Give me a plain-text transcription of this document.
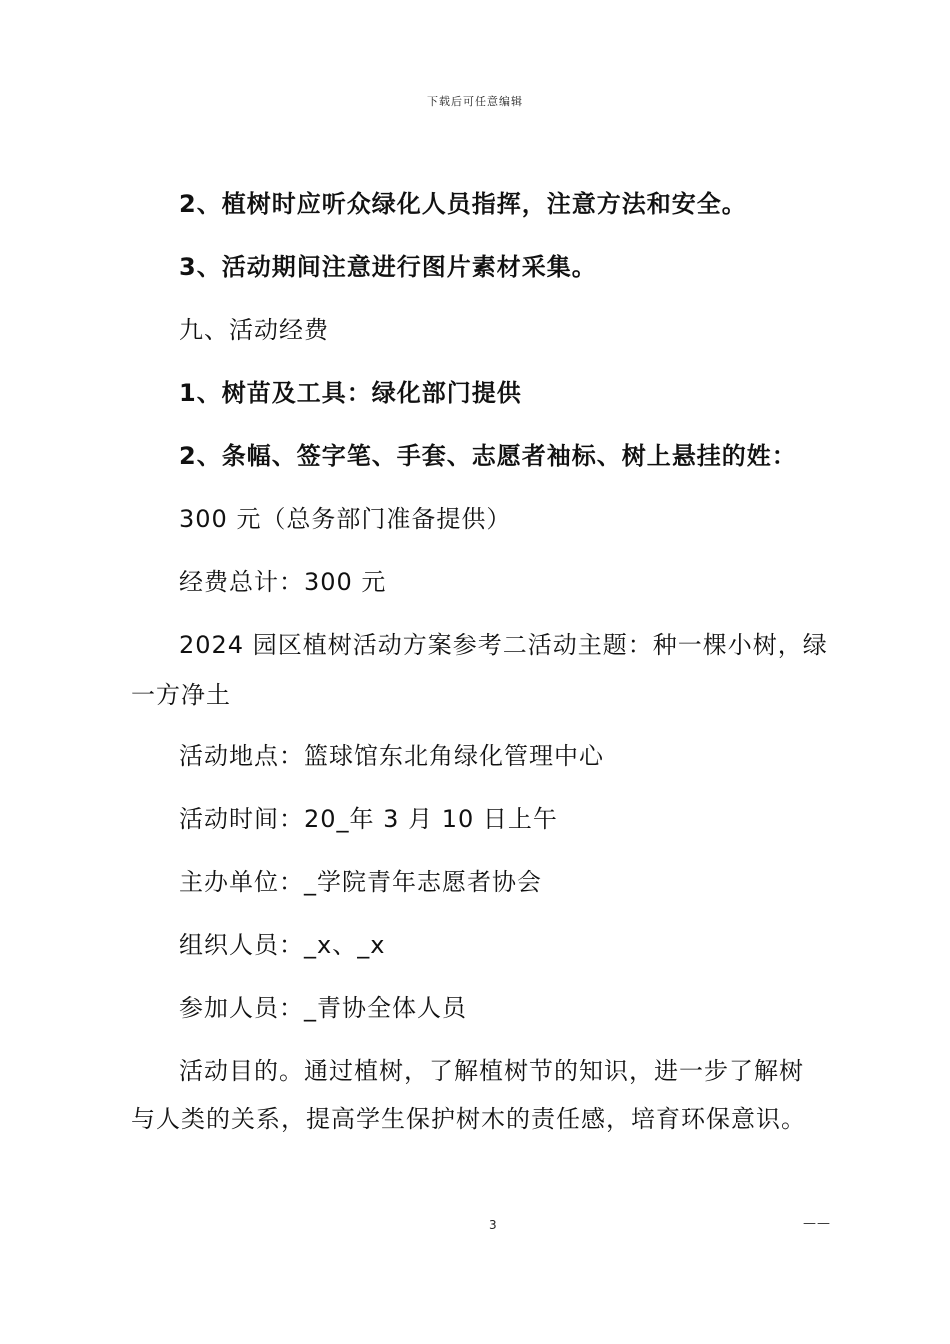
下载后可任意编辑
2、植树时应听众绿化人员指挥，注意方法和安全。
3、活动期间注意进行图片素材采集。
九、活动经费
1、树苗及工具：绿化部门提供
2、条幅、签字笔、手套、志愿者袖标、树上悬挂的姓：
300 元（总务部门准备提供）
经费总计：300 元
2024 园区植树活动方案参考二活动主题：种一棵小树，绿
一方净土
活动地点：篮球馆东北角绿化管理中心
活动时间：20_年 3 月 10 日上午
主办单位：_学院青年志愿者协会
组织人员：_x、_x
参加人员：_青协全体人员
活动目的。通过植树，了解植树节的知识，进一步了解树
与人类的关系，提高学生保护树木的责任感，培育环保意识。
3	——
